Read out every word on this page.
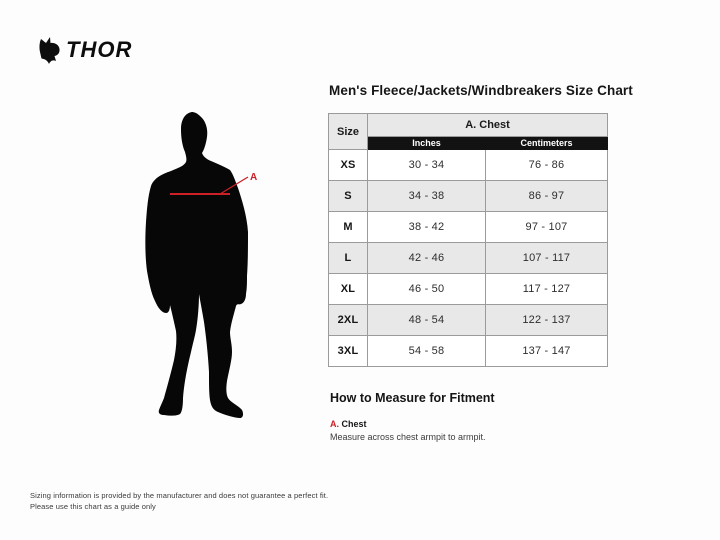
THOR
A
Men's Fleece/Jackets/Windbreakers Size Chart
Size	A. Chest	
	Inches	Centimeters
XS	30 - 34	76 - 86
S	34 - 38	86 - 97
M	38 - 42	97 - 107
L	42 - 46	107 - 117
XL	46 - 50	117 - 127
2XL	48 - 54	122 - 137
3XL	54 - 58	137 - 147
How to Measure for Fitment
A. Chest
Measure across chest armpit to armpit.
Sizing information is provided by the manufacturer and does not guarantee a perfect fit.
Please use this chart as a guide only
